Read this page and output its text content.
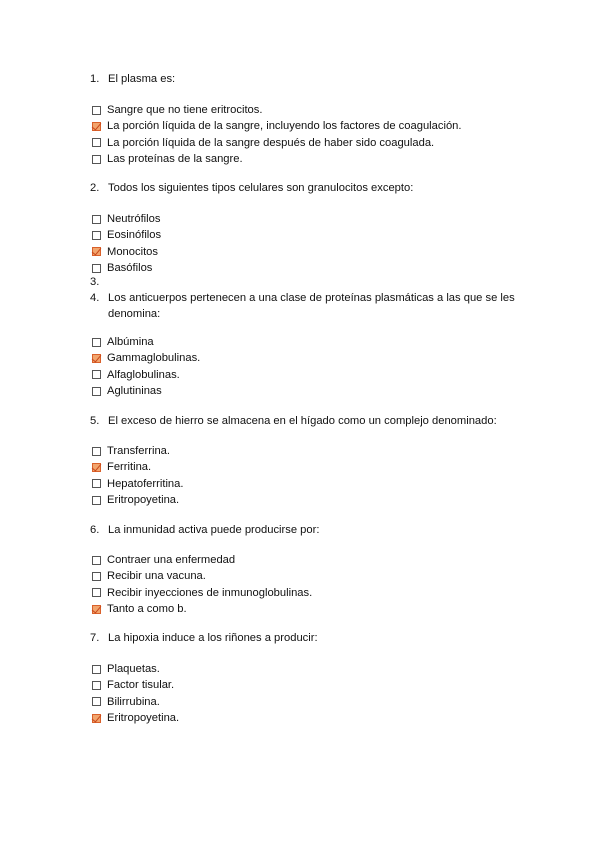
1. El plasma es:
Sangre que no tiene eritrocitos.
La porción líquida de la sangre, incluyendo los factores de coagulación.
La porción líquida de la sangre después de haber sido coagulada.
Las proteínas de la sangre.
2. Todos los siguientes tipos celulares son granulocitos excepto:
Neutrófilos
Eosinófilos
Monocitos
Basófilos
3.
4. Los anticuerpos pertenecen a una clase de proteínas plasmáticas a las que se les denomina:
Albúmina
Gammaglobulinas.
Alfaglobulinas.
Aglutininas
5. El exceso de hierro se almacena en el hígado como un complejo denominado:
Transferrina.
Ferritina.
Hepatoferritina.
Eritropoyetina.
6. La inmunidad activa puede producirse por:
Contraer una enfermedad
Recibir una vacuna.
Recibir inyecciones de inmunoglobulinas.
Tanto a como b.
7. La hipoxia induce a los riñones a producir:
Plaquetas.
Factor tisular.
Bilirrubina.
Eritropoyetina.
